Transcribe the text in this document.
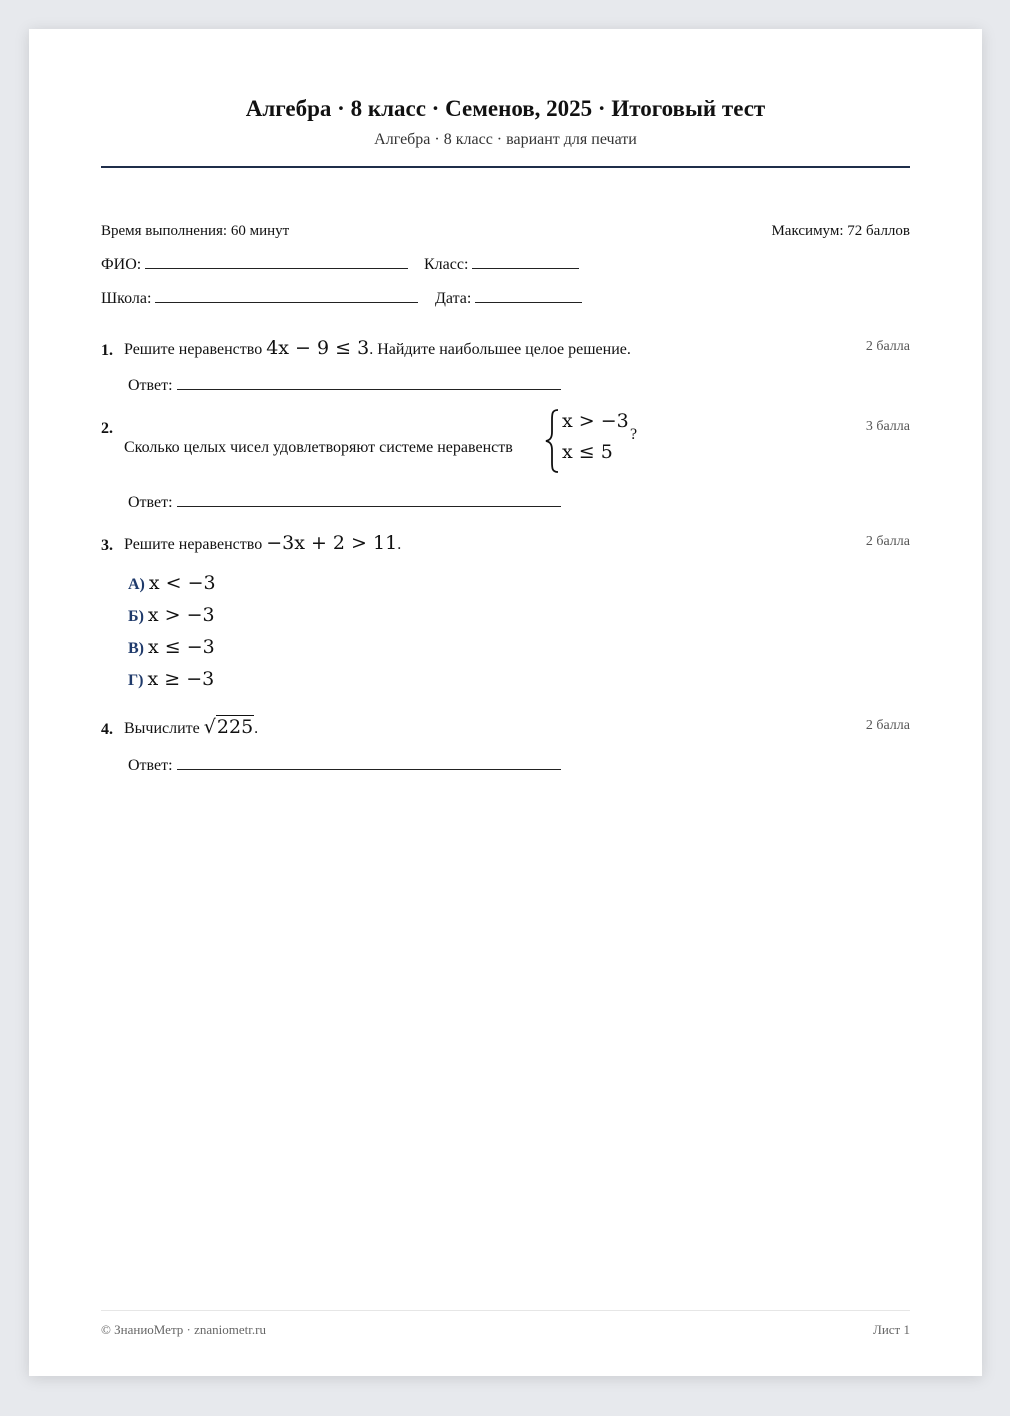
Алгебра · 8 класс · Семенов, 2025 · Итоговый тест
Алгебра · 8 класс · вариант для печати
Время выполнения: 60 минут	Максимум: 72 баллов
ФИО:	Класс:
Школа:	Дата:
1. Решите неравенство 4x − 9 ≤ 3. Найдите наибольшее целое решение.	2 балла
Ответ:
2.
Сколько целых чисел удовлетворяют системе неравенств
x > −3
x ≤ 5
?	3 балла
Ответ:
3. Решите неравенство −3x + 2 > 11.	2 балла
А) x < −3
Б) x > −3
В) x ≤ −3
Г) x ≥ −3
4. Вычислите √225.	2 балла
Ответ:
© ЗнаниоМетр · znaniometr.ru	Лист 1
